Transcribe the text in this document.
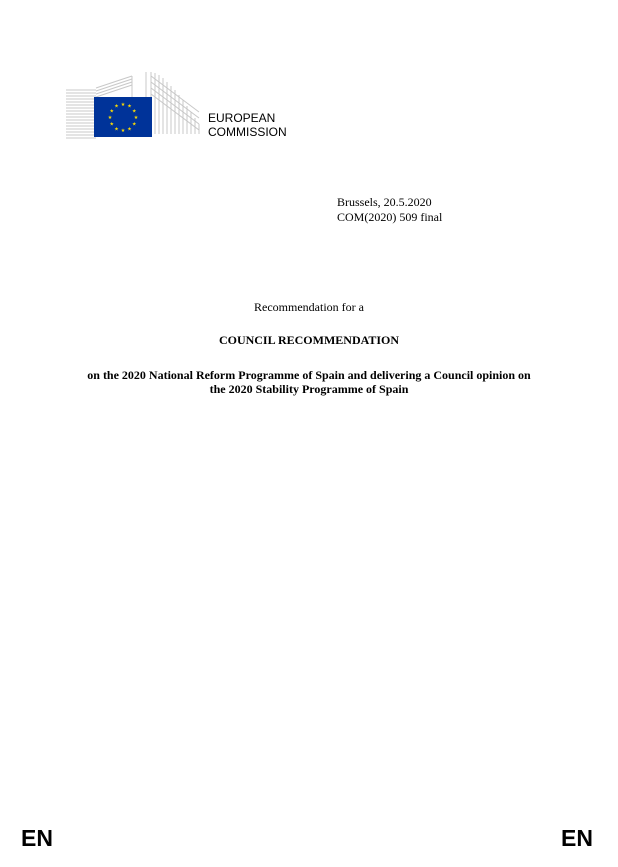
★ ★
★
★
★
★
★
★
★
★
★
★
EUROPEAN
COMMISSION
Brussels, 20.5.2020
COM(2020) 509 final
Recommendation for a
COUNCIL RECOMMENDATION
on the 2020 National Reform Programme of Spain and delivering a Council opinion on
the 2020 Stability Programme of Spain
EN	EN
